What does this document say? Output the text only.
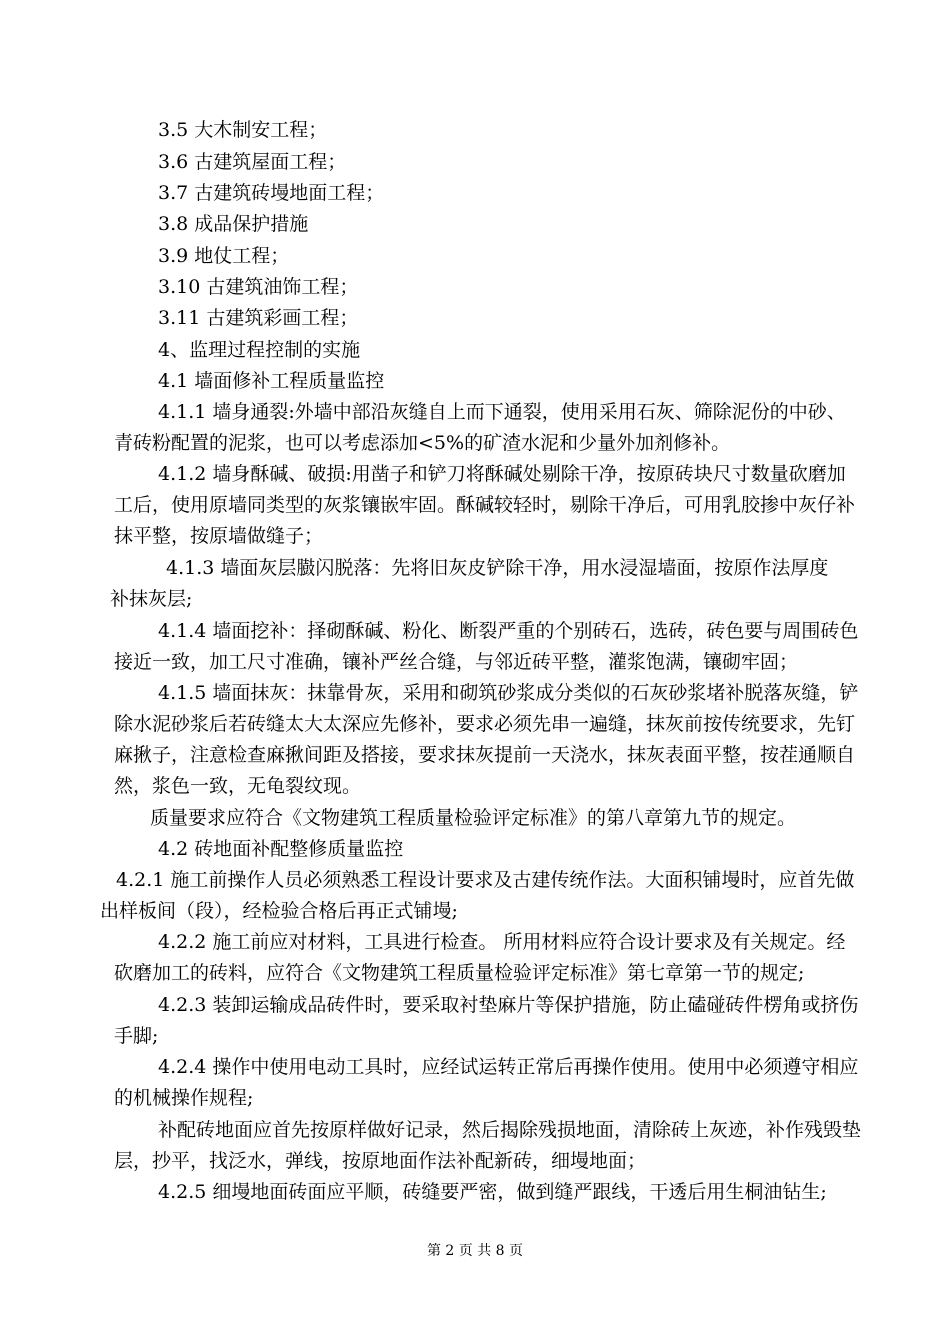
3.5 大木制安工程；
3.6 古建筑屋面工程；
3.7 古建筑砖墁地面工程；
3.8 成品保护措施
3.9 地仗工程；
3.10 古建筑油饰工程；
3.11 古建筑彩画工程；
4、监理过程控制的实施
4.1 墙面修补工程质量监控
4.1.1 墙身通裂:外墙中部沿灰缝自上而下通裂，使用采用石灰、筛除泥份的中砂、
青砖粉配置的泥浆，也可以考虑添加<5%的矿渣水泥和少量外加剂修补。
4.1.2 墙身酥碱、破损:用凿子和铲刀将酥碱处剔除干净，按原砖块尺寸数量砍磨加
工后，使用原墙同类型的灰浆镶嵌牢固。酥碱较轻时，剔除干净后，可用乳胶掺中灰仔补
抹平整，按原墙做缝子；
4.1.3 墙面灰层臌闪脱落：先将旧灰皮铲除干净，用水浸湿墙面，按原作法厚度
补抹灰层;
4.1.4 墙面挖补：择砌酥碱、粉化、断裂严重的个别砖石，选砖，砖色要与周围砖色
接近一致，加工尺寸准确，镶补严丝合缝，与邻近砖平整，灌浆饱满，镶砌牢固；
4.1.5 墙面抹灰：抹靠骨灰，采用和砌筑砂浆成分类似的石灰砂浆堵补脱落灰缝，铲
除水泥砂浆后若砖缝太大太深应先修补，要求必须先串一遍缝，抹灰前按传统要求，先钉
麻揪子，注意检查麻揪间距及搭接，要求抹灰提前一天浇水，抹灰表面平整，按茬通顺自
然，浆色一致，无龟裂纹现。
质量要求应符合《文物建筑工程质量检验评定标准》的第八章第九节的规定。
4.2 砖地面补配整修质量监控
4.2.1 施工前操作人员必须熟悉工程设计要求及古建传统作法。大面积铺墁时，应首先做
出样板间（段），经检验合格后再正式铺墁;
4.2.2 施工前应对材料，工具进行检查。 所用材料应符合设计要求及有关规定。经
砍磨加工的砖料，应符合《文物建筑工程质量检验评定标准》第七章第一节的规定;
4.2.3 装卸运输成品砖件时，要采取衬垫麻片等保护措施，防止磕碰砖件楞角或挤伤
手脚;
4.2.4 操作中使用电动工具时，应经试运转正常后再操作使用。使用中必须遵守相应
的机械操作规程;
补配砖地面应首先按原样做好记录，然后揭除残损地面，清除砖上灰迹，补作残毁垫
层，抄平，找泛水，弹线，按原地面作法补配新砖，细墁地面；
4.2.5 细墁地面砖面应平顺，砖缝要严密，做到缝严跟线，干透后用生桐油钻生;
第 2 页 共 8 页
